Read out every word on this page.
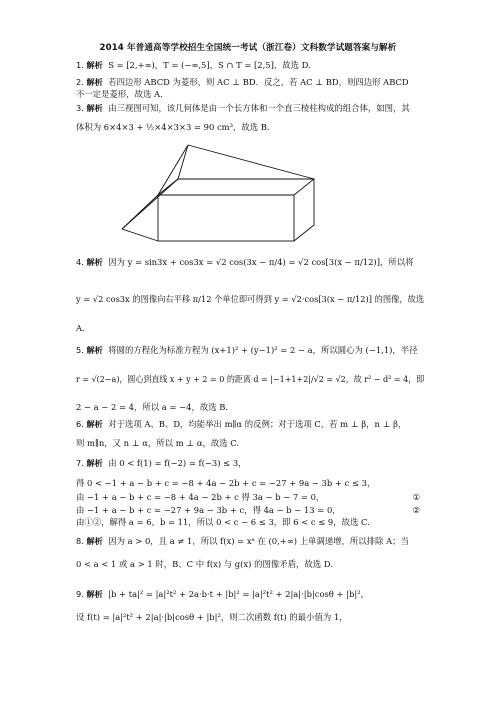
2014 年普通高等学校招生全国统一考试（浙江卷）文科数学试题答案与解析
1. 解析 S = [2,+∞)，T = (−∞,5]，S ∩ T = [2,5]，故选 D.
2. 解析 若四边形 ABCD 为菱形，则 AC ⊥ BD．反之，若 AC ⊥ BD，则四边形 ABCD
不一定是菱形，故选 A.
3. 解析 由三视图可知，该几何体是由一个长方体和一个直三棱柱构成的组合体，如图，其
体积为 6×4×3 + ½×4×3×3 = 90 cm³，故选 B.
4. 解析 因为 y = sin3x + cos3x = √2 cos(3x − π/4) = √2 cos[3(x − π/12)]，所以将
y = √2 cos3x 的图像向右平移 π/12 个单位即可得到 y = √2·cos[3(x − π/12)] 的图像，故选
A.
5. 解析 将圆的方程化为标准方程为 (x+1)² + (y−1)² = 2 − a，所以圆心为 (−1,1)，半径
r = √(2−a)，圆心到直线 x + y + 2 = 0 的距离 d = |−1+1+2|/√2 = √2，故 r² − d² = 4，即
2 − a − 2 = 4，所以 a = −4，故选 B.
6. 解析 对于选项 A、B、D，均能举出 m∥α 的反例；对于选项 C，若 m ⊥ β，n ⊥ β，
则 m∥n，又 n ⊥ α，所以 m ⊥ α，故选 C.
7. 解析 由 0 < f(1) = f(−2) = f(−3) ≤ 3，
得 0 < −1 + a − b + c = −8 + 4a − 2b + c = −27 + 9a − 3b + c ≤ 3，
由 −1 + a − b + c = −8 + 4a − 2b + c 得 3a − b − 7 = 0，	①
由 −1 + a − b + c = −27 + 9a − 3b + c，得 4a − b − 13 = 0，	②
由①②，解得 a = 6，b = 11，所以 0 < c − 6 ≤ 3，即 6 < c ≤ 9，故选 C.
8. 解析 因为 a > 0，且 a ≠ 1，所以 f(x) = xᵃ 在 (0,+∞) 上单调递增，所以排除 A；当
0 < a < 1 或 a > 1 时，B、C 中 f(x) 与 g(x) 的图像矛盾，故选 D.
9. 解析 |b + ta|² = |a|²t² + 2a·b·t + |b|² = |a|²t² + 2|a|·|b|cosθ + |b|²，
设 f(t) = |a|²t² + 2|a|·|b|cosθ + |b|²，则二次函数 f(t) 的最小值为 1，
